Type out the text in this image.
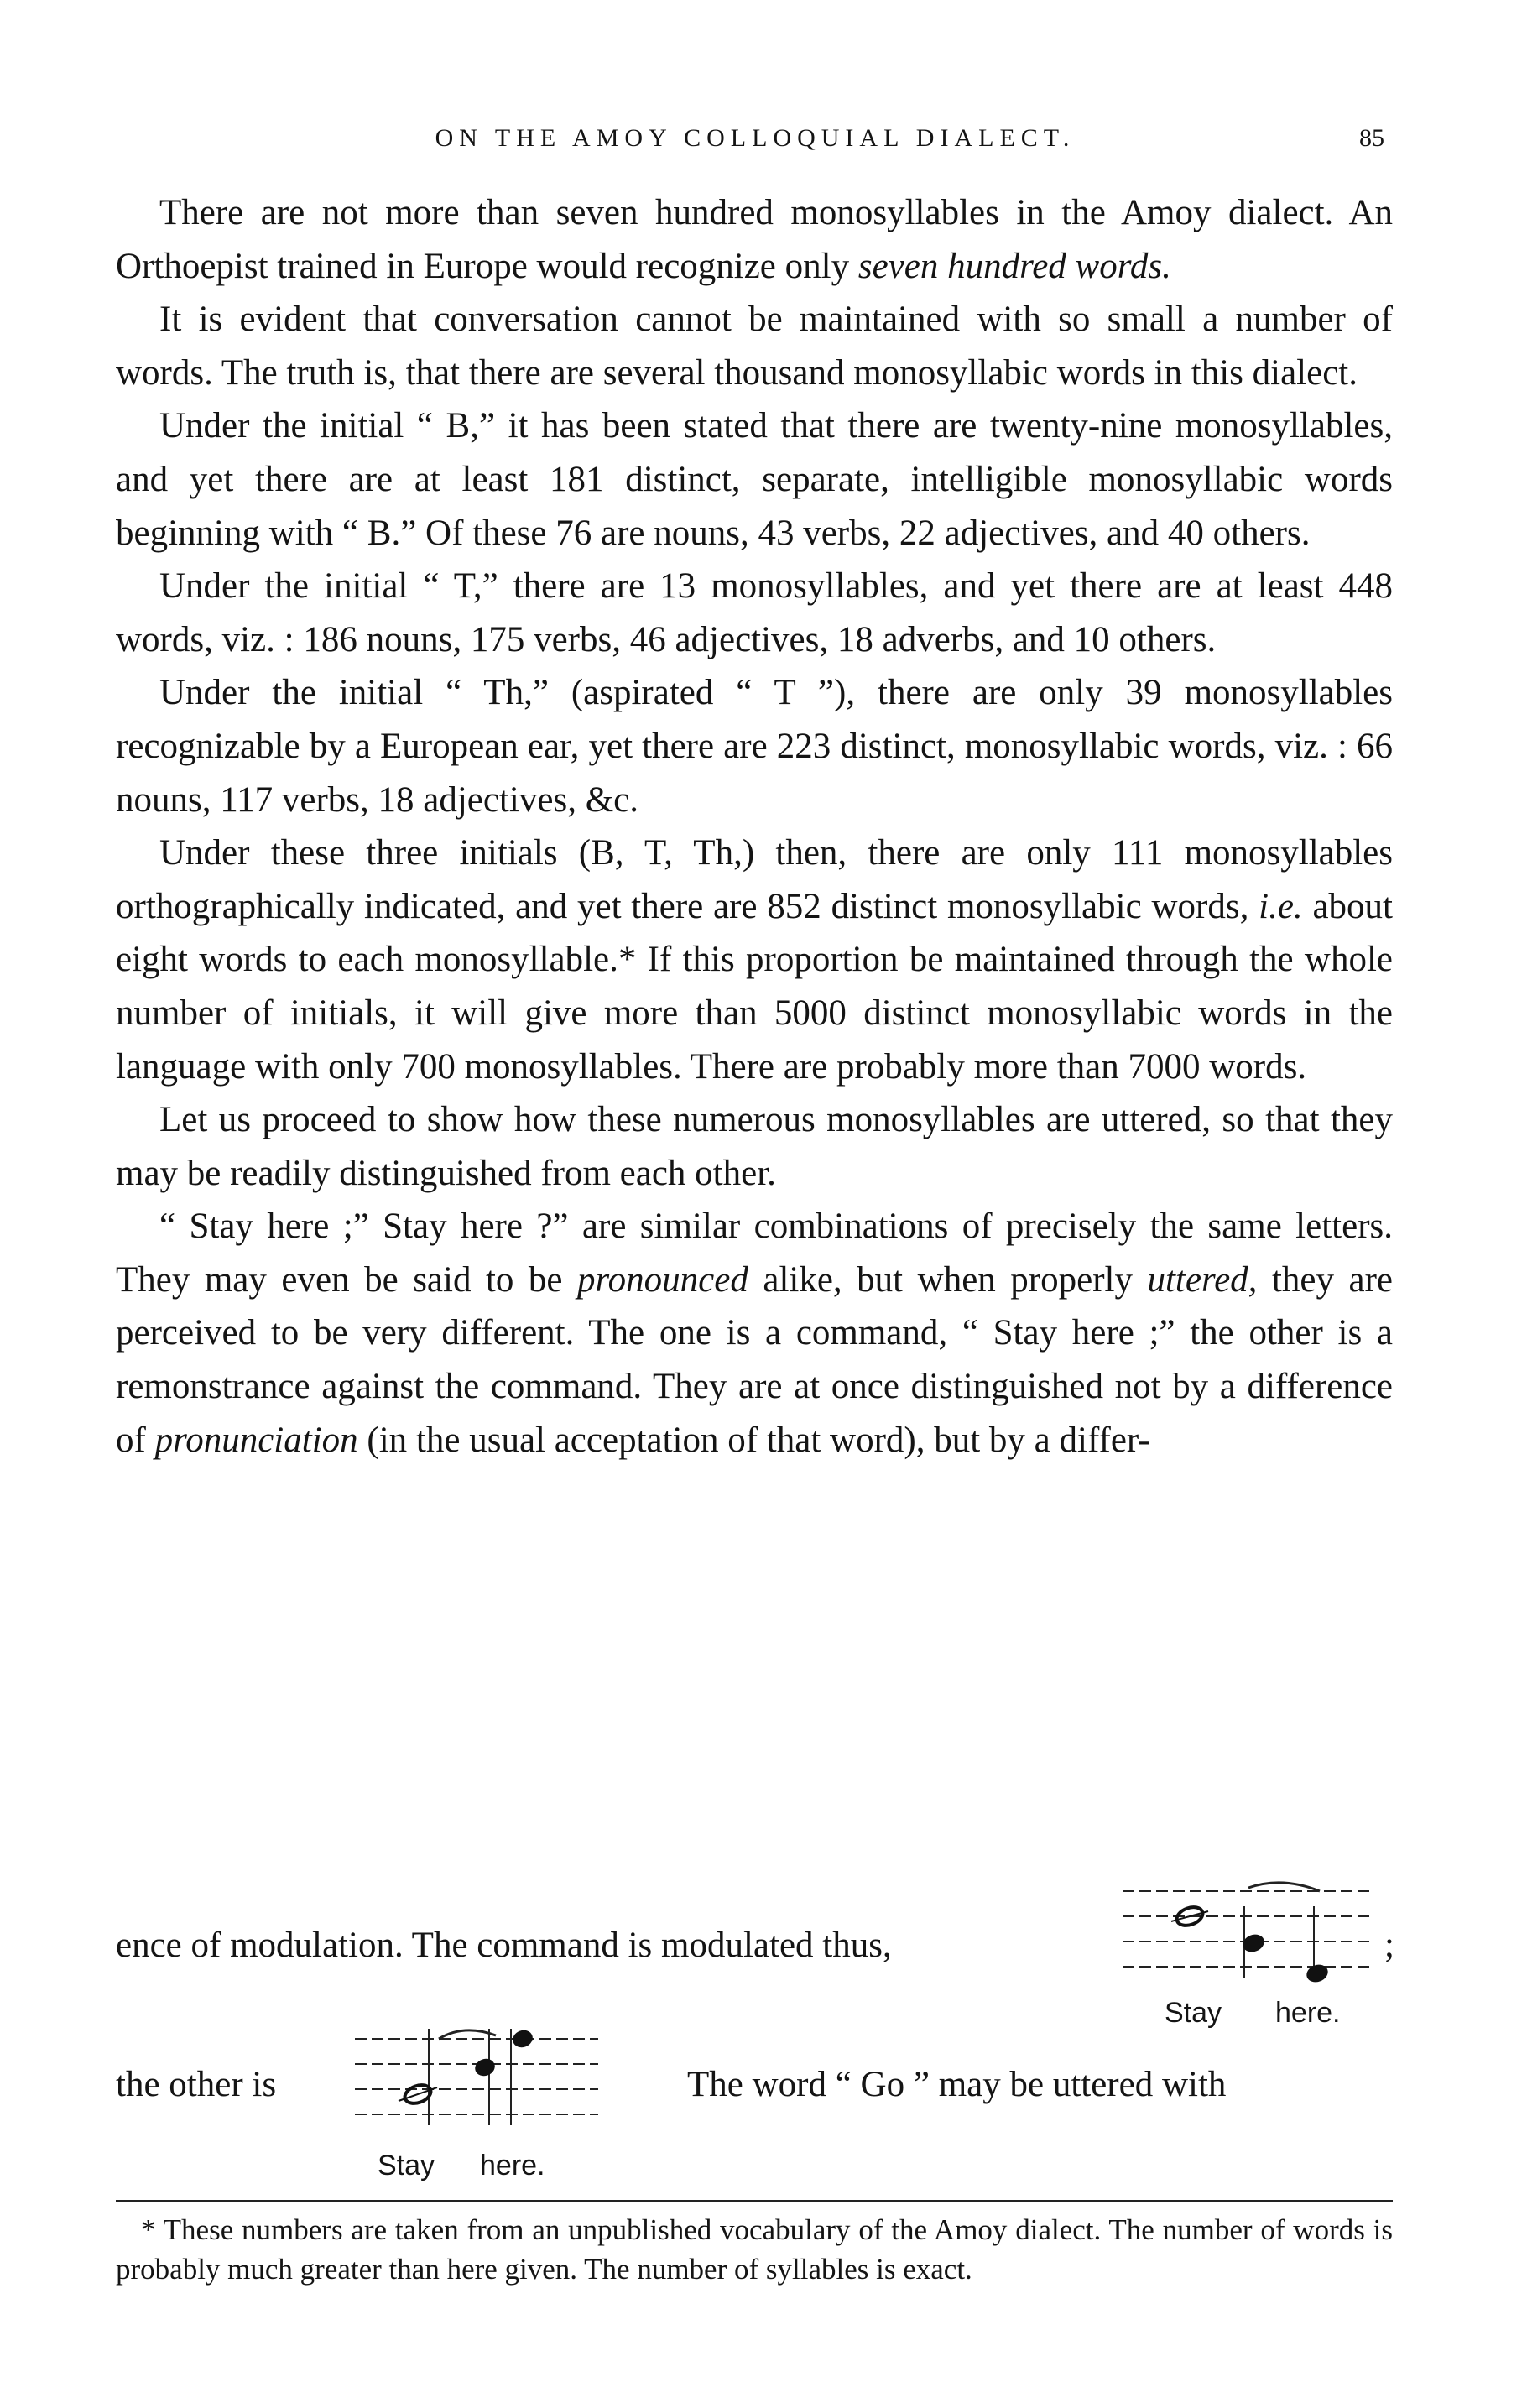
ON THE AMOY COLLOQUIAL DIALECT.	85

There are not more than seven hundred monosyllables in the Amoy dialect. An Orthoepist trained in Europe would recognize only seven hundred words.

It is evident that conversation cannot be maintained with so small a number of words. The truth is, that there are several thousand monosyllabic words in this dialect.

Under the initial “ B,” it has been stated that there are twenty-nine monosyllables, and yet there are at least 181 distinct, separate, intelligible monosyllabic words beginning with “ B.” Of these 76 are nouns, 43 verbs, 22 adjectives, and 40 others.

Under the initial “ T,” there are 13 monosyllables, and yet there are at least 448 words, viz. : 186 nouns, 175 verbs, 46 adjectives, 18 adverbs, and 10 others.

Under the initial “ Th,” (aspirated “ T ”), there are only 39 monosyllables recognizable by a European ear, yet there are 223 distinct, monosyllabic words, viz. : 66 nouns, 117 verbs, 18 adjectives, &c.

Under these three initials (B, T, Th,) then, there are only 111 monosyllables orthographically indicated, and yet there are 852 distinct monosyllabic words, i.e. about eight words to each monosyllable.* If this proportion be maintained through the whole number of initials, it will give more than 5000 distinct monosyllabic words in the language with only 700 monosyllables. There are probably more than 7000 words.

Let us proceed to show how these numerous monosyllables are uttered, so that they may be readily distinguished from each other.

“ Stay here ;” Stay here ?” are similar combinations of precisely the same letters. They may even be said to be pronounced alike, but when properly uttered, they are perceived to be very different. The one is a command, “ Stay here ;” the other is a remonstrance against the command. They are at once distinguished not by a difference of pronunciation (in the usual acceptation of that word), but by a differ-

ence of modulation. The command is modulated thus,	;
Stay here.
the other is	The word “ Go ” may be uttered with
Stay here.

* These numbers are taken from an unpublished vocabulary of the Amoy dialect. The number of words is probably much greater than here given. The number of syllables is exact.
